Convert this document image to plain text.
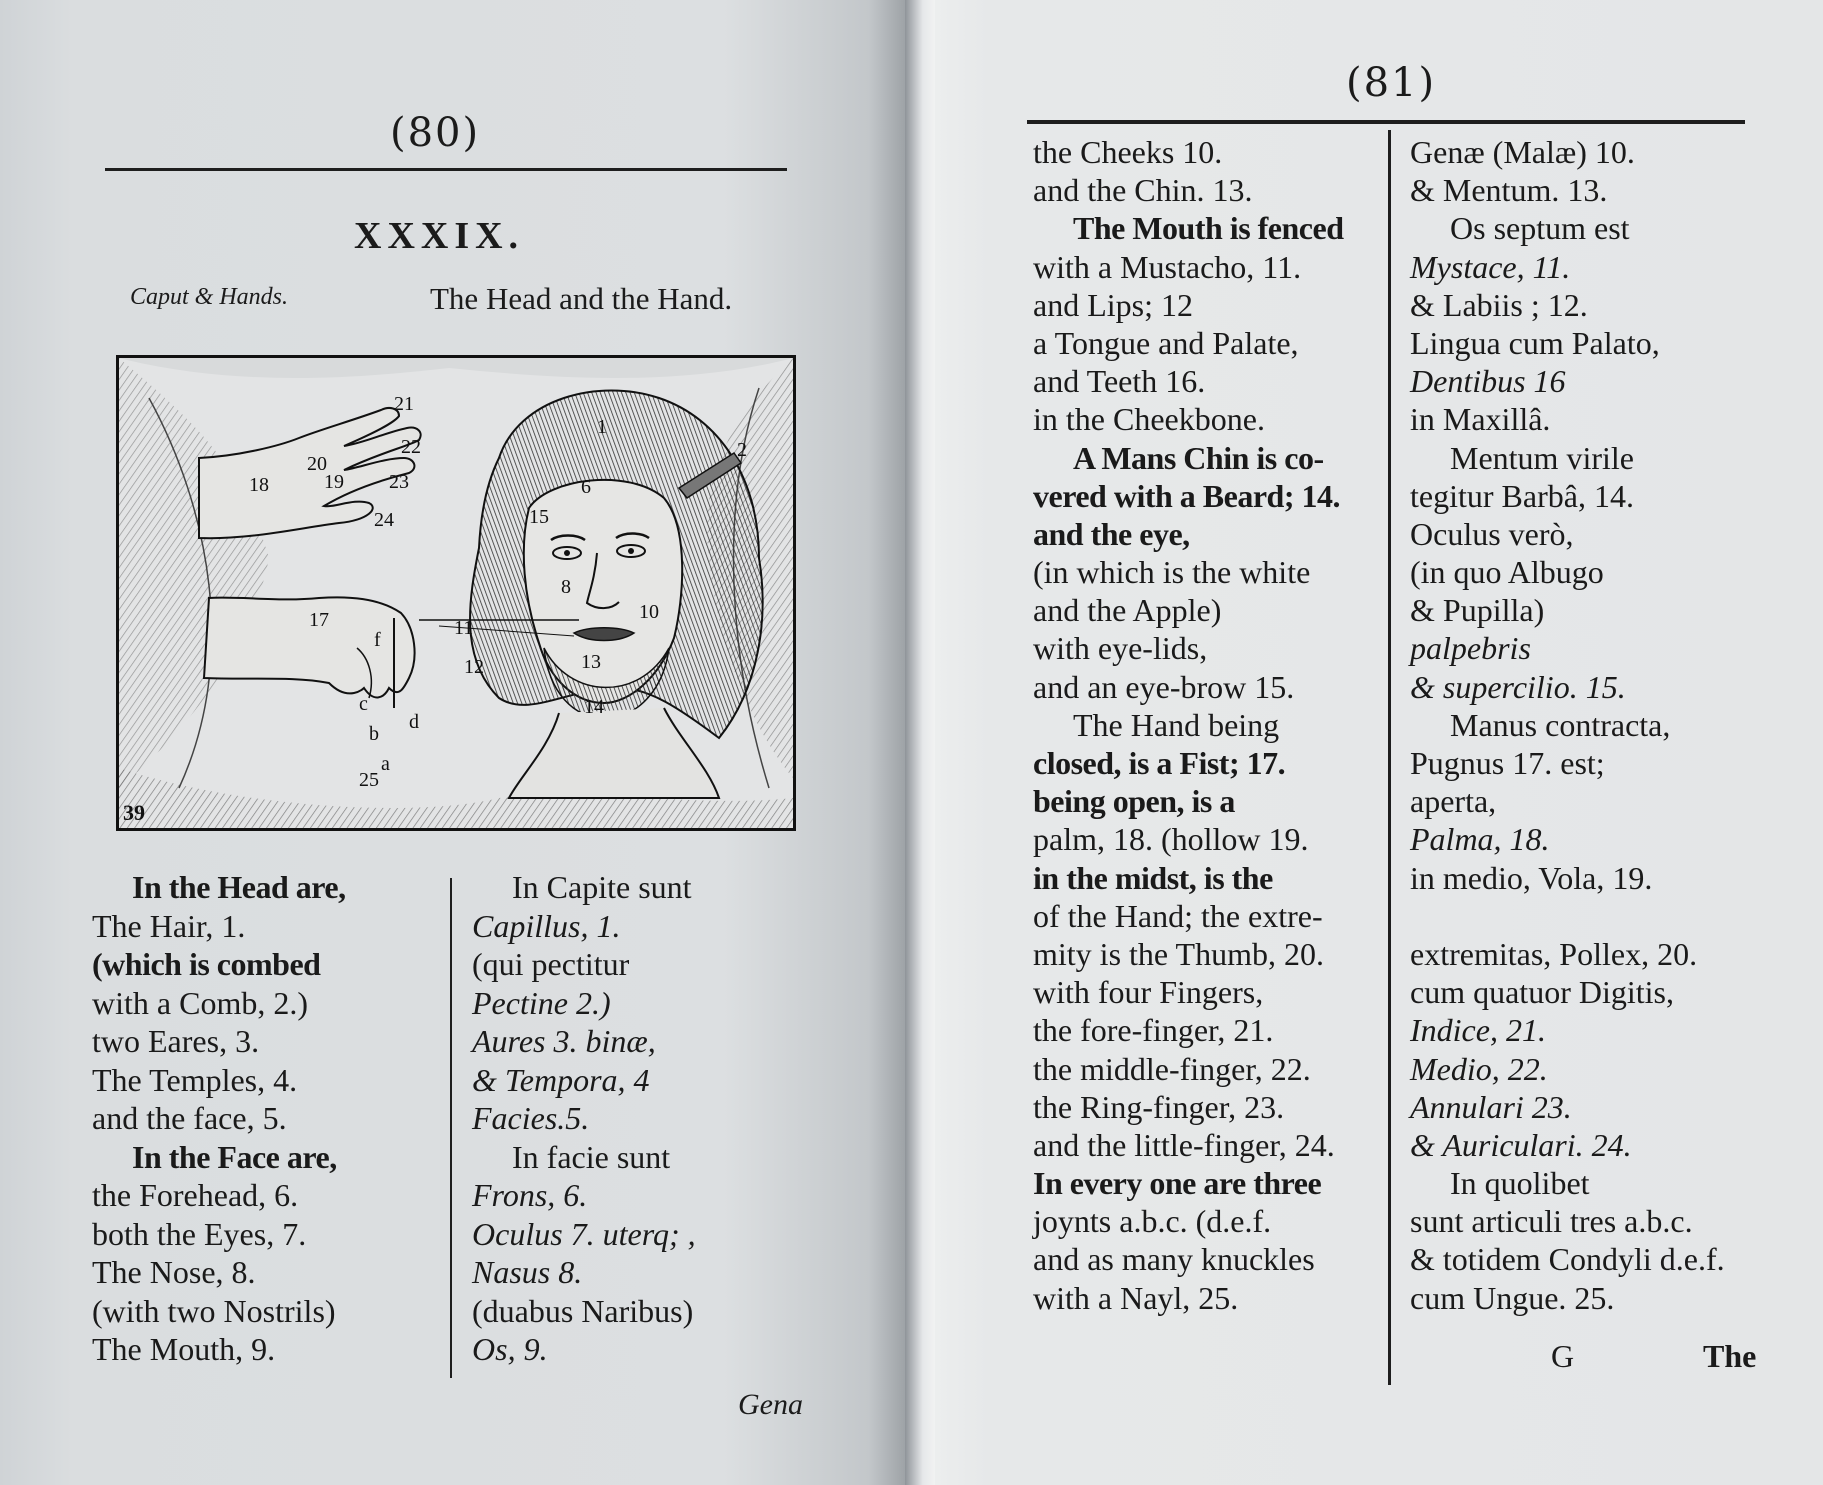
(80)
XXXIX.
Caput & Hands.	The Head and the Hand.
1
2
6
8
10
11
12	13
14
15
17
18	19
20
21
22
23
24
25
a
b
c
d
f
39
In the Head are,
The Hair, 1.
(which is combed
with a Comb, 2.)
two Eares, 3.
The Temples, 4.
and the face, 5.
In the Face are,
the Forehead, 6.
both the Eyes, 7.
The Nose, 8.
(with two Nostrils)
The Mouth, 9.
In Capite sunt
Capillus, 1.
(qui pectitur
Pectine 2.)
Aures 3. binæ,
& Tempora, 4
Facies.5.
In facie sunt
Frons, 6.
Oculus 7. uterq; ,
Nasus 8.
(duabus Naribus)
Os, 9.
Gena
(81)
the Cheeks 10.
and the Chin. 13.
The Mouth is fenced
with a Mustacho, 11.
and Lips; 12
a Tongue and Palate,
and Teeth 16.
in the Cheekbone.
A Mans Chin is co-
vered with a Beard; 14.
and the eye,
(in which is the white
and the Apple)
with eye-lids,
and an eye-brow 15.
The Hand being
closed, is a Fist; 17.
being open, is a
palm, 18. (hollow 19.
in the midst, is the
of the Hand; the extre-
mity is the Thumb, 20.
with four Fingers,
the fore-finger, 21.
the middle-finger, 22.
the Ring-finger, 23.
and the little-finger, 24.
In every one are three
joynts a.b.c. (d.e.f.
and as many knuckles
with a Nayl, 25.
Genæ (Malæ) 10.
& Mentum. 13.
Os septum est
Mystace, 11.
& Labiis ; 12.
Lingua cum Palato,
Dentibus 16
in Maxillâ.
Mentum virile
tegitur Barbâ, 14.
Oculus verò,
(in quo Albugo
& Pupilla)
palpebris
& supercilio. 15.
Manus contracta,
Pugnus 17. est;
aperta,
Palma, 18.
in medio, Vola, 19.
extremitas, Pollex, 20.
cum quatuor Digitis,
Indice, 21.
Medio, 22.
Annulari 23.
& Auriculari. 24.
In quolibet
sunt articuli tres a.b.c.
& totidem Condyli d.e.f.
cum Ungue. 25.
G	The
